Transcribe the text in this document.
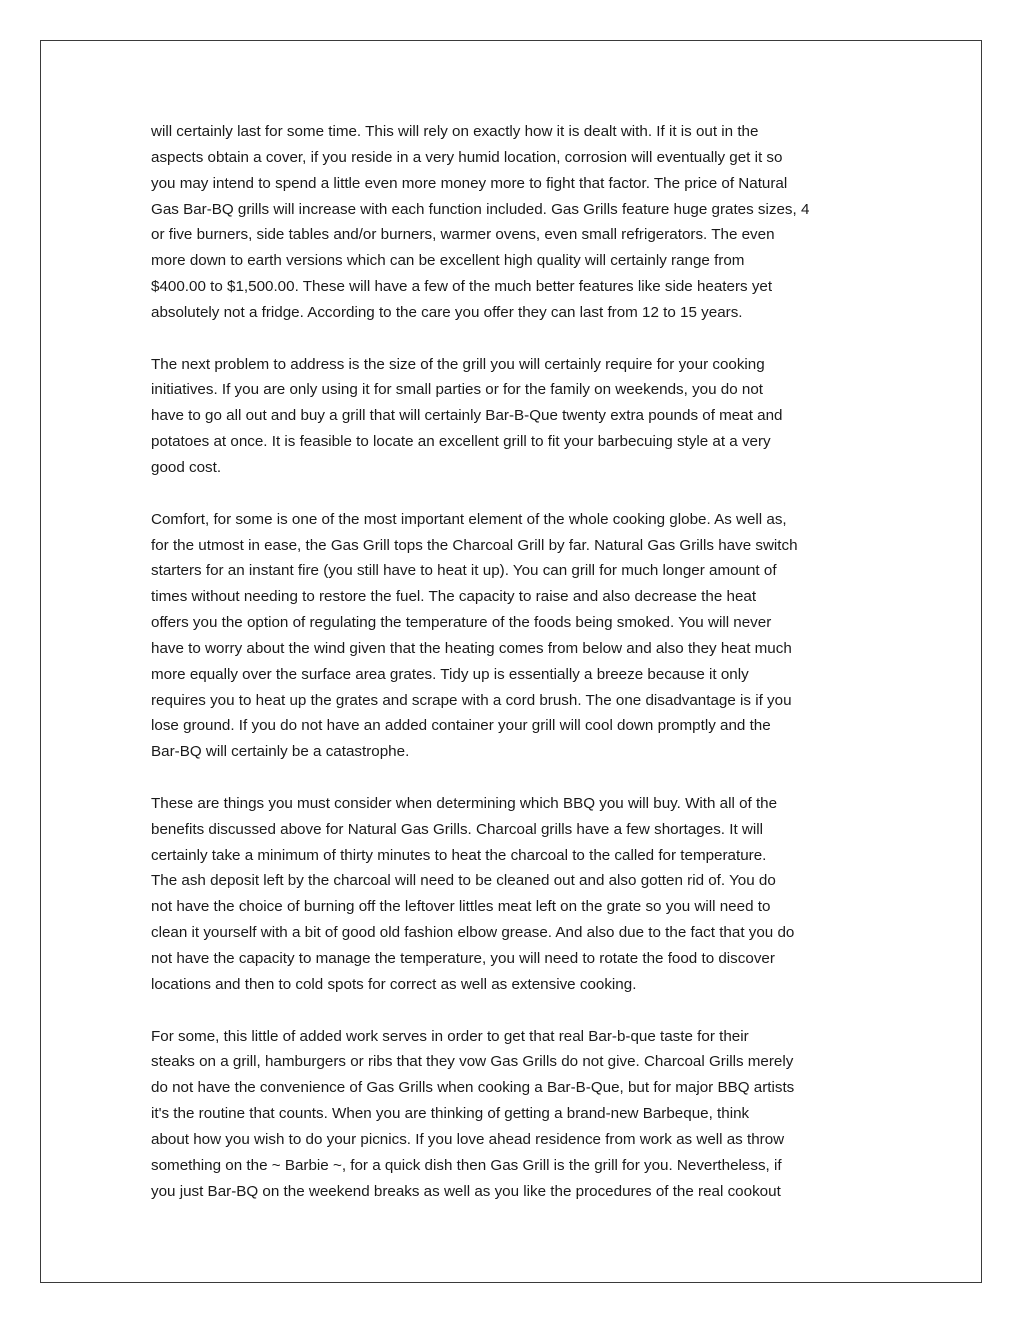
will certainly last for some time. This will rely on exactly how it is dealt with. If it is out in the
aspects obtain a cover, if you reside in a very humid location, corrosion will eventually get it so
you may intend to spend a little even more money more to fight that factor. The price of Natural
Gas Bar-BQ grills will increase with each function included. Gas Grills feature huge grates sizes, 4
or five burners, side tables and/or burners, warmer ovens, even small refrigerators. The even
more down to earth versions which can be excellent high quality will certainly range from
$400.00 to $1,500.00. These will have a few of the much better features like side heaters yet
absolutely not a fridge. According to the care you offer they can last from 12 to 15 years.
The next problem to address is the size of the grill you will certainly require for your cooking
initiatives. If you are only using it for small parties or for the family on weekends, you do not
have to go all out and buy a grill that will certainly Bar-B-Que twenty extra pounds of meat and
potatoes at once. It is feasible to locate an excellent grill to fit your barbecuing style at a very
good cost.
Comfort, for some is one of the most important element of the whole cooking globe. As well as,
for the utmost in ease, the Gas Grill tops the Charcoal Grill by far. Natural Gas Grills have switch
starters for an instant fire (you still have to heat it up). You can grill for much longer amount of
times without needing to restore the fuel. The capacity to raise and also decrease the heat
offers you the option of regulating the temperature of the foods being smoked. You will never
have to worry about the wind given that the heating comes from below and also they heat much
more equally over the surface area grates. Tidy up is essentially a breeze because it only
requires you to heat up the grates and scrape with a cord brush. The one disadvantage is if you
lose ground. If you do not have an added container your grill will cool down promptly and the
Bar-BQ will certainly be a catastrophe.
These are things you must consider when determining which BBQ you will buy. With all of the
benefits discussed above for Natural Gas Grills. Charcoal grills have a few shortages. It will
certainly take a minimum of thirty minutes to heat the charcoal to the called for temperature.
The ash deposit left by the charcoal will need to be cleaned out and also gotten rid of. You do
not have the choice of burning off the leftover littles meat left on the grate so you will need to
clean it yourself with a bit of good old fashion elbow grease. And also due to the fact that you do
not have the capacity to manage the temperature, you will need to rotate the food to discover
locations and then to cold spots for correct as well as extensive cooking.
For some, this little of added work serves in order to get that real Bar-b-que taste for their
steaks on a grill, hamburgers or ribs that they vow Gas Grills do not give. Charcoal Grills merely
do not have the convenience of Gas Grills when cooking a Bar-B-Que, but for major BBQ artists
it's the routine that counts. When you are thinking of getting a brand-new Barbeque, think
about how you wish to do your picnics. If you love ahead residence from work as well as throw
something on the ~ Barbie ~, for a quick dish then Gas Grill is the grill for you. Nevertheless, if
you just Bar-BQ on the weekend breaks as well as you like the procedures of the real cookout
